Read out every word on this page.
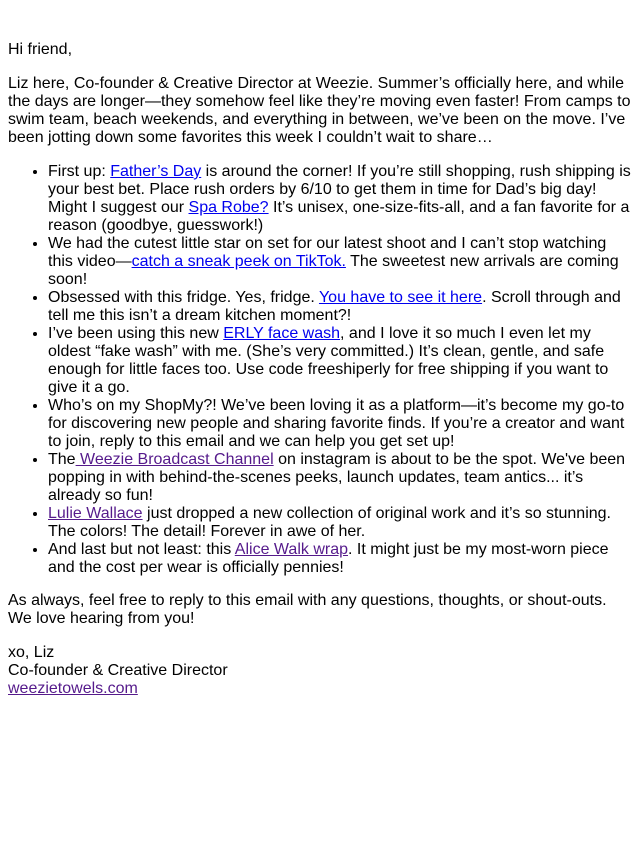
Hi friend,

Liz here, Co-founder & Creative Director at Weezie. Summer’s officially here, and while the days are longer—they somehow feel like they’re moving even faster! From camps to swim team, beach weekends, and everything in between, we’ve been on the move. I’ve been jotting down some favorites this week I couldn’t wait to share…

• First up: Father’s Day is around the corner! If you’re still shopping, rush shipping is your best bet. Place rush orders by 6/10 to get them in time for Dad’s big day! Might I suggest our Spa Robe? It’s unisex, one-size-fits-all, and a fan favorite for a reason (goodbye, guesswork!)
• We had the cutest little star on set for our latest shoot and I can’t stop watching this video—catch a sneak peek on TikTok. The sweetest new arrivals are coming soon!
• Obsessed with this fridge. Yes, fridge. You have to see it here. Scroll through and tell me this isn’t a dream kitchen moment?!
• I’ve been using this new ERLY face wash, and I love it so much I even let my oldest “fake wash” with me. (She’s very committed.) It’s clean, gentle, and safe enough for little faces too. Use code freeshiperly for free shipping if you want to give it a go.
• Who’s on my ShopMy?! We’ve been loving it as a platform—it’s become my go-to for discovering new people and sharing favorite finds. If you’re a creator and want to join, reply to this email and we can help you get set up!
• The Weezie Broadcast Channel on instagram is about to be the spot. We've been popping in with behind-the-scenes peeks, launch updates, team antics... it’s already so fun!
• Lulie Wallace just dropped a new collection of original work and it’s so stunning. The colors! The detail! Forever in awe of her.
• And last but not least: this Alice Walk wrap. It might just be my most-worn piece and the cost per wear is officially pennies!

As always, feel free to reply to this email with any questions, thoughts, or shout-outs. We love hearing from you!

xo, Liz
Co-founder & Creative Director
weezietowels.com
